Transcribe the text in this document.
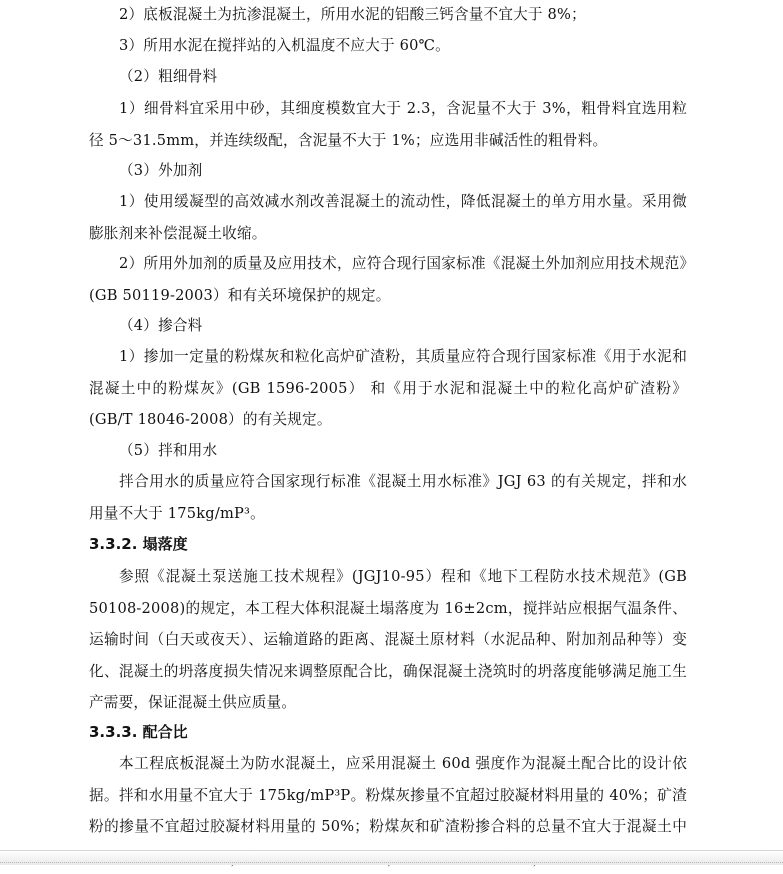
2）底板混凝土为抗渗混凝土，所用水泥的铝酸三钙含量不宜大于 8%；

3）所用水泥在搅拌站的入机温度不应大于 60℃。

（2）粗细骨料

1）细骨料宜采用中砂，其细度模数宜大于 2.3，含泥量不大于 3%，粗骨料宜选用粒径 5～31.5mm，并连续级配，含泥量不大于 1%；应选用非碱活性的粗骨料。

（3）外加剂

1）使用缓凝型的高效减水剂改善混凝土的流动性，降低混凝土的单方用水量。采用微膨胀剂来补偿混凝土收缩。

2）所用外加剂的质量及应用技术，应符合现行国家标准《混凝土外加剂应用技术规范》(GB 50119-2003）和有关环境保护的规定。

（4）掺合料

1）掺加一定量的粉煤灰和粒化高炉矿渣粉，其质量应符合现行国家标准《用于水泥和混凝土中的粉煤灰》(GB 1596-2005） 和《用于水泥和混凝土中的粒化高炉矿渣粉》(GB/T 18046-2008）的有关规定。

（5）拌和用水

拌合用水的质量应符合国家现行标准《混凝土用水标准》JGJ 63 的有关规定，拌和水用量不大于 175kg/mP³。

3.3.2. 塌落度

参照《混凝土泵送施工技术规程》(JGJ10-95）程和《地下工程防水技术规范》(GB 50108-2008)的规定，本工程大体积混凝土塌落度为 16±2cm，搅拌站应根据气温条件、运输时间（白天或夜天）、运输道路的距离、混凝土原材料（水泥品种、附加剂品种等）变化、混凝土的坍落度损失情况来调整原配合比，确保混凝土浇筑时的坍落度能够满足施工生产需要，保证混凝土供应质量。

3.3.3. 配合比

本工程底板混凝土为防水混凝土，应采用混凝土 60d 强度作为混凝土配合比的设计依据。拌和水用量不宜大于 175kg/mP³P。粉煤灰掺量不宜超过胶凝材料用量的 40%；矿渣粉的掺量不宜超过胶凝材料用量的 50%；粉煤灰和矿渣粉掺合料的总量不宜大于混凝土中
